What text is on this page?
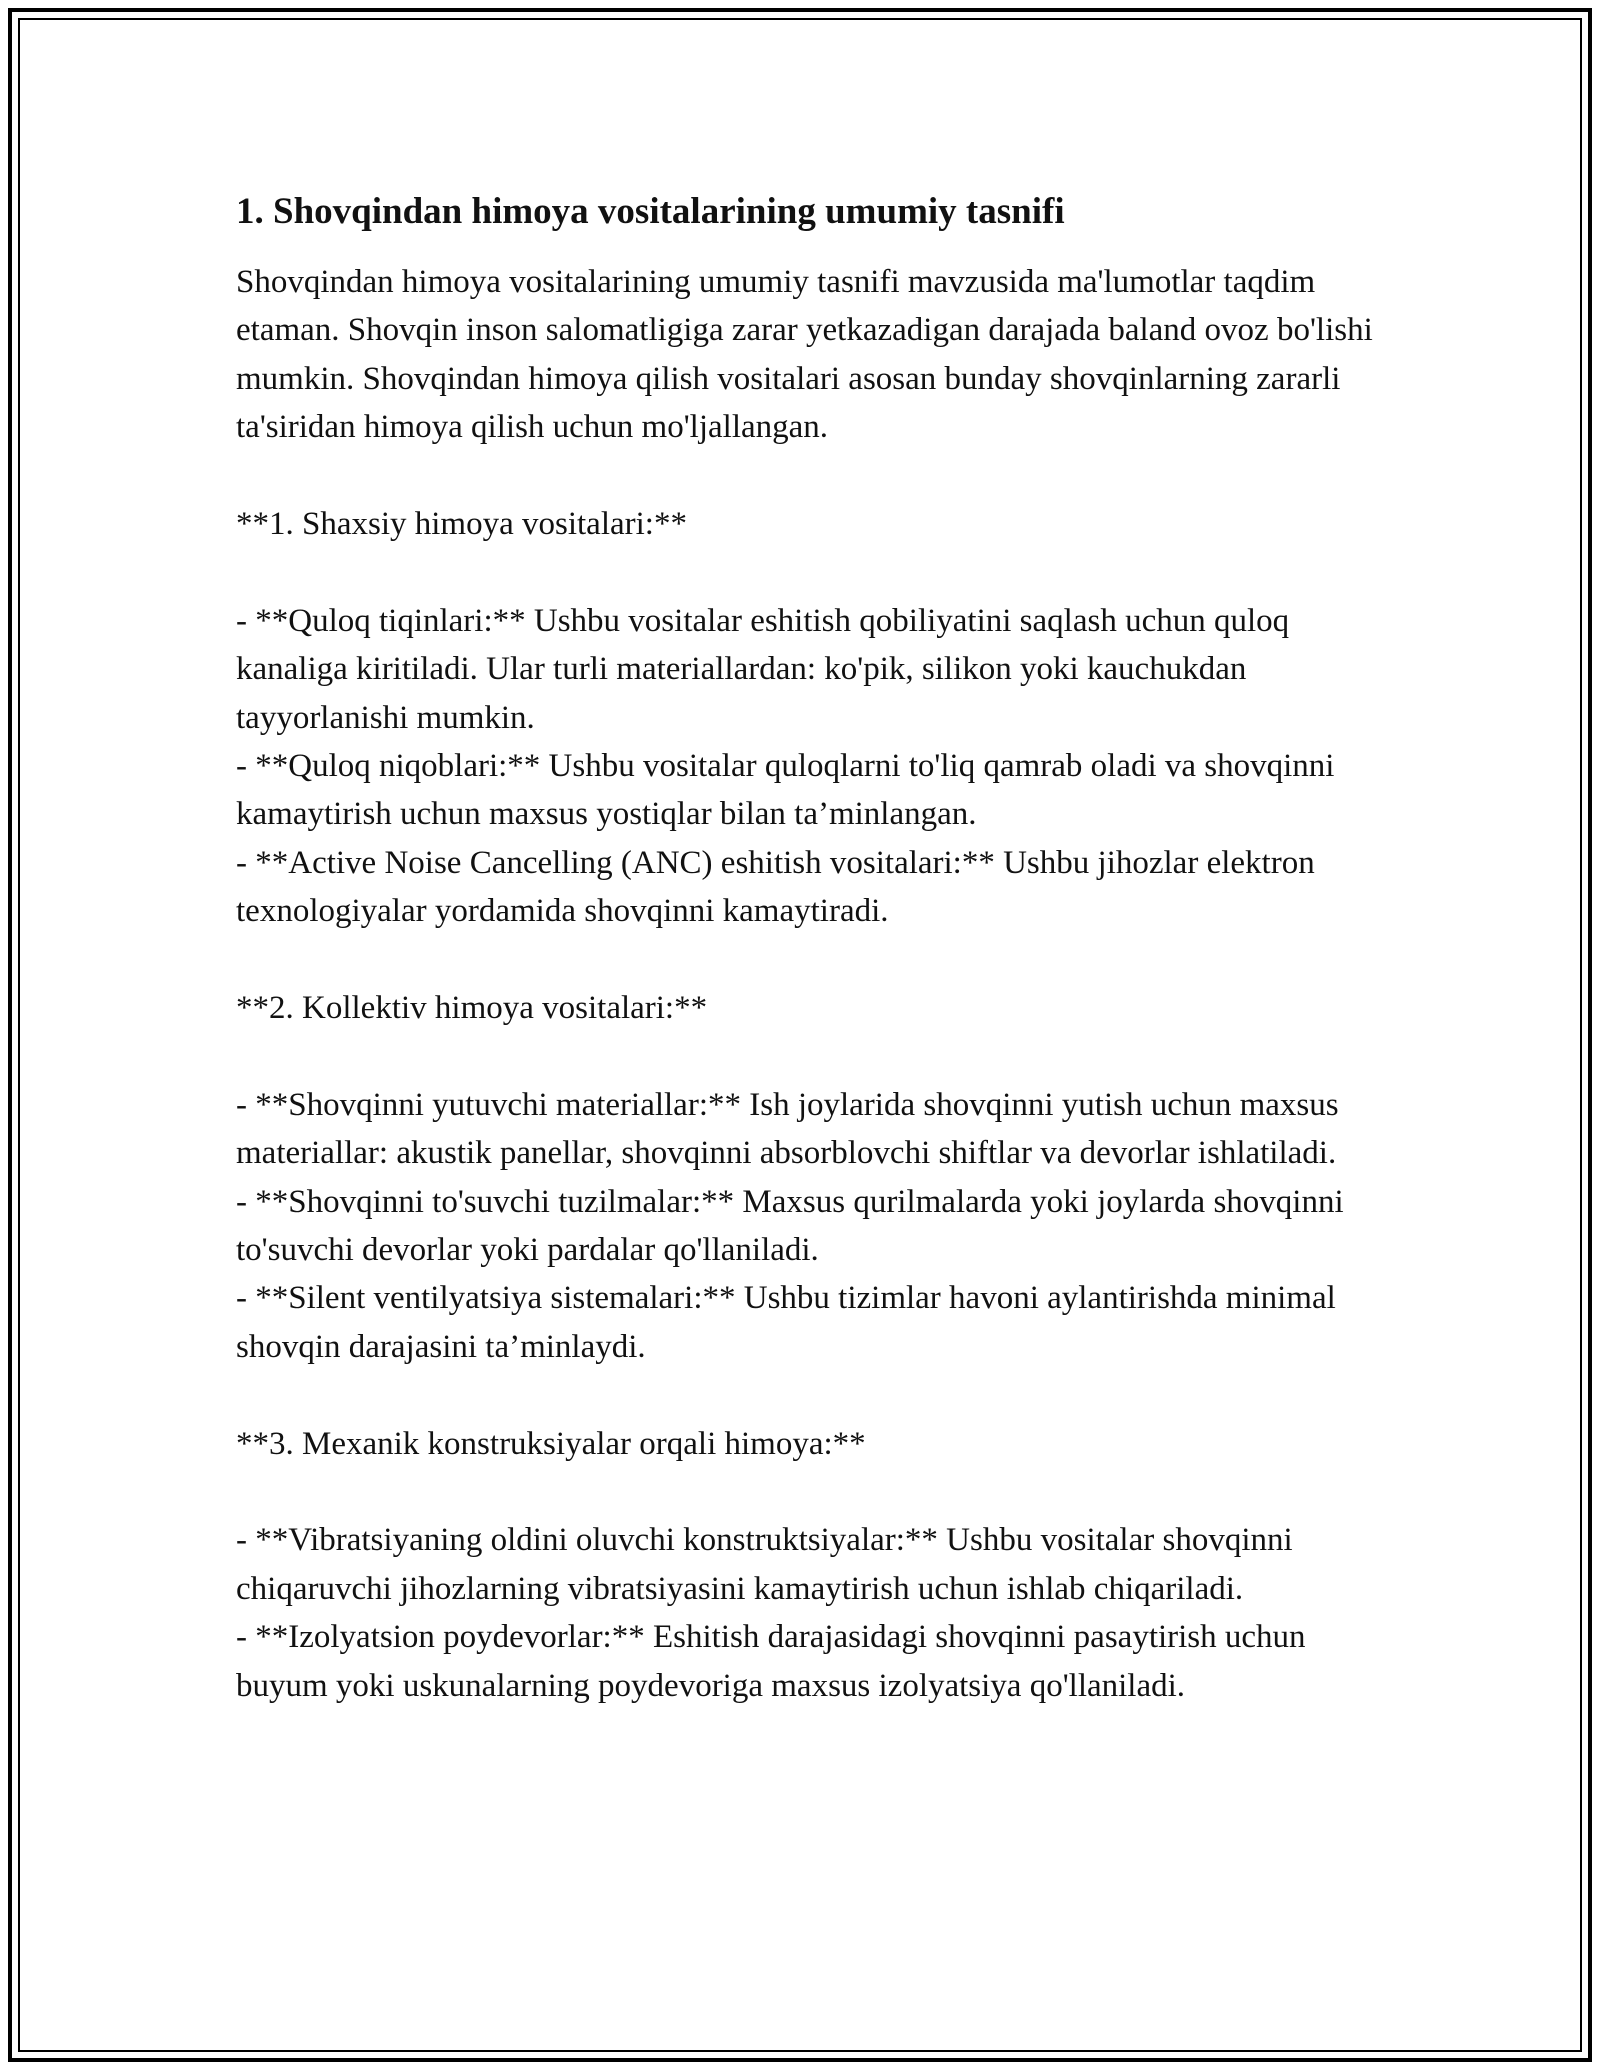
1. Shovqindan himoya vositalarining umumiy tasnifi

Shovqindan himoya vositalarining umumiy tasnifi mavzusida ma'lumotlar taqdim etaman. Shovqin inson salomatligiga zarar yetkazadigan darajada baland ovoz bo'lishi mumkin. Shovqindan himoya qilish vositalari asosan bunday shovqinlarning zararli ta'siridan himoya qilish uchun mo'ljallangan.

**1. Shaxsiy himoya vositalari:**

- **Quloq tiqinlari:** Ushbu vositalar eshitish qobiliyatini saqlash uchun quloq kanaliga kiritiladi. Ular turli materiallardan: ko'pik, silikon yoki kauchukdan tayyorlanishi mumkin.

- **Quloq niqoblari:** Ushbu vositalar quloqlarni to'liq qamrab oladi va shovqinni kamaytirish uchun maxsus yostiqlar bilan ta’minlangan.

- **Active Noise Cancelling (ANC) eshitish vositalari:** Ushbu jihozlar elektron texnologiyalar yordamida shovqinni kamaytiradi.

**2. Kollektiv himoya vositalari:**

- **Shovqinni yutuvchi materiallar:** Ish joylarida shovqinni yutish uchun maxsus materiallar: akustik panellar, shovqinni absorblovchi shiftlar va devorlar ishlatiladi.

- **Shovqinni to'suvchi tuzilmalar:** Maxsus qurilmalarda yoki joylarda shovqinni to'suvchi devorlar yoki pardalar qo'llaniladi.

- **Silent ventilyatsiya sistemalari:** Ushbu tizimlar havoni aylantirishda minimal shovqin darajasini ta’minlaydi.

**3. Mexanik konstruksiyalar orqali himoya:**

- **Vibratsiyaning oldini oluvchi konstruktsiyalar:** Ushbu vositalar shovqinni chiqaruvchi jihozlarning vibratsiyasini kamaytirish uchun ishlab chiqariladi.

- **Izolyatsion poydevorlar:** Eshitish darajasidagi shovqinni pasaytirish uchun buyum yoki uskunalarning poydevoriga maxsus izolyatsiya qo'llaniladi.
